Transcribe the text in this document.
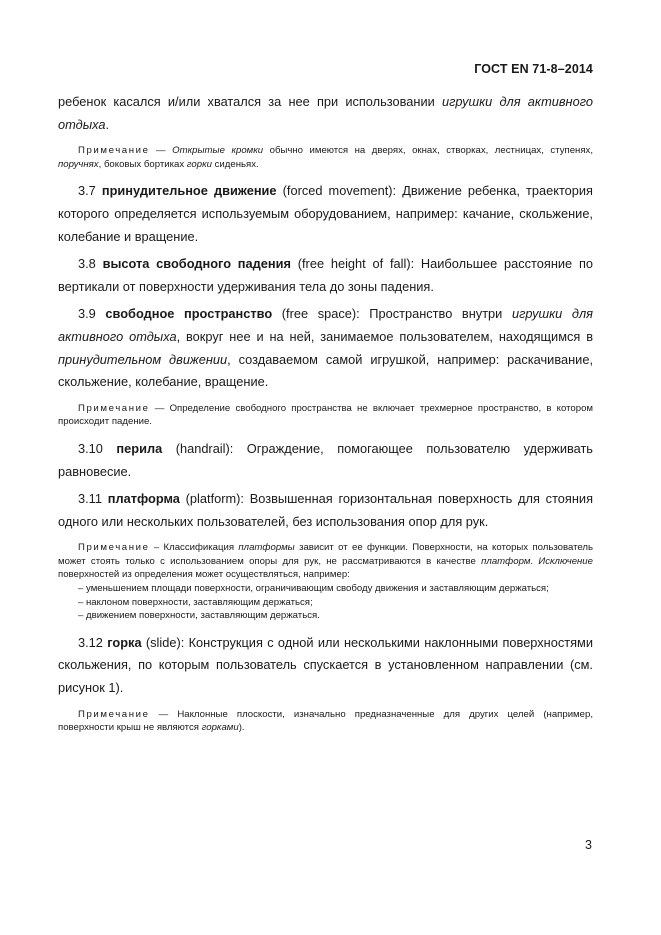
ГОСТ EN 71-8–2014

ребенок касался и/или хватался за нее при использовании игрушки для активного отдыха.

Примечание — Открытые кромки обычно имеются на дверях, окнах, створках, лестницах, ступенях, поручнях, боковых бортиках горки сиденьях.

3.7 принудительное движение (forced movement): Движение ребенка, траектория которого определяется используемым оборудованием, например: качание, скольжение, колебание и вращение.

3.8 высота свободного падения (free height of fall): Наибольшее расстояние по вертикали от поверхности удерживания тела до зоны падения.

3.9 свободное пространство (free space): Пространство внутри игрушки для активного отдыха, вокруг нее и на ней, занимаемое пользователем, находящимся в принудительном движении, создаваемом самой игрушкой, например: раскачивание, скольжение, колебание, вращение.

Примечание — Определение свободного пространства не включает трехмерное пространство, в котором происходит падение.

3.10 перила (handrail): Ограждение, помогающее пользователю удерживать равновесие.

3.11 платформа (platform): Возвышенная горизонтальная поверхность для стояния одного или нескольких пользователей, без использования опор для рук.

Примечание – Классификация платформы зависит от ее функции. Поверхности, на которых пользователь может стоять только с использованием опоры для рук, не рассматриваются в качестве платформ. Исключение поверхностей из определения может осуществляться, например:

– уменьшением площади поверхности, ограничивающим свободу движения и заставляющим держаться;

– наклоном поверхности, заставляющим держаться;

– движением поверхности, заставляющим держаться.

3.12 горка (slide): Конструкция с одной или несколькими наклонными поверхностями скольжения, по которым пользователь спускается в установленном направлении (см. рисунок 1).

Примечание — Наклонные плоскости, изначально предназначенные для других целей (например, поверхности крыш не являются горками).

3
